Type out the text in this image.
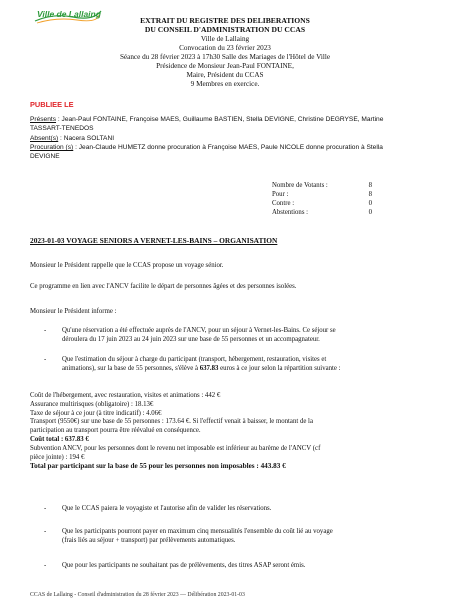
Ville de Lallaing
EXTRAIT DU REGISTRE DES DELIBERATIONS
DU CONSEIL D'ADMINISTRATION DU CCAS
Ville de Lallaing
Convocation du 23 février 2023
Séance du 28 février 2023 à 17h30 Salle des Mariages de l'Hôtel de Ville
Présidence de Monsieur Jean-Paul FONTAINE,
Maire, Président du CCAS
9 Membres en exercice.
PUBLIEE LE
Présents : Jean-Paul FONTAINE, Françoise MAES, Guillaume BASTIEN, Stella DEVIGNE, Christine DEGRYSE, Martine
TASSART-TENEDOS
Absent(s) : Nacera SOLTANI
Procuration (s) : Jean-Claude HUMETZ donne procuration à Françoise MAES, Paule NICOLE donne procuration à Stella
DEVIGNE
Nombre de Votants :	8
Pour :	8
Contre :	0
Abstentions :	0
2023-01-03 VOYAGE SENIORS A VERNET-LES-BAINS – ORGANISATION
Monsieur le Président rappelle que le CCAS propose un voyage sénior.
Ce programme en lien avec l'ANCV facilite le départ de personnes âgées et des personnes isolées.
Monsieur le Président informe :
- Qu'une réservation a été effectuée auprès de l'ANCV, pour un séjour à Vernet-les-Bains. Ce séjour se
déroulera du 17 juin 2023 au 24 juin 2023 sur une base de 55 personnes et un accompagnateur.
- Que l'estimation du séjour à charge du participant (transport, hébergement, restauration, visites et
animations), sur la base de 55 personnes, s'élève à 637.83 euros à ce jour selon la répartition suivante :
Coût de l'hébergement, avec restauration, visites et animations : 442 €
Assurance multirisques (obligatoire) : 18.13€
Taxe de séjour à ce jour (à titre indicatif) : 4.06€
Transport (9550€) sur une base de 55 personnes : 173.64 €. Si l'effectif venait à baisser, le montant de la
participation au transport pourra être réévalué en conséquence.
Coût total : 637.83 €
Subvention ANCV, pour les personnes dont le revenu net imposable est inférieur au barème de l'ANCV (cf
pièce jointe) : 194 €
Total par participant sur la base de 55 pour les personnes non imposables : 443.83 €
- Que le CCAS paiera le voyagiste et l'autorise afin de valider les réservations.
- Que les participants pourront payer en maximum cinq mensualités l'ensemble du coût lié au voyage
(frais liés au séjour + transport) par prélèvements automatiques.
- Que pour les participants ne souhaitant pas de prélèvements, des titres ASAP seront émis.
CCAS de Lallaing - Conseil d'administration du 28 février 2023 — Délibération 2023-01-03
